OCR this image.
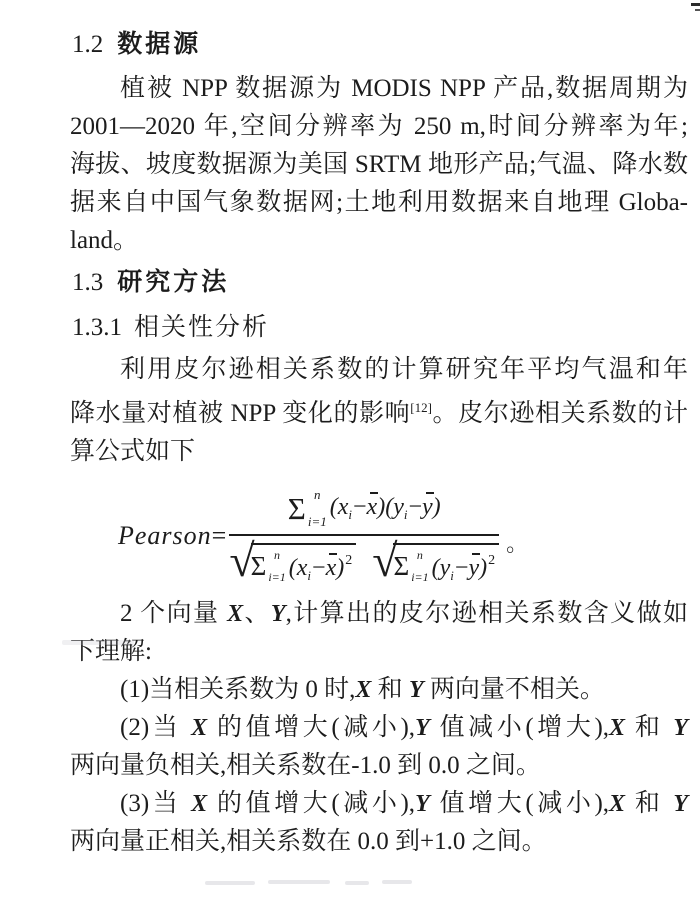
1.2 数据源
植被 NPP 数据源为 MODIS NPP 产品,数据周期为
2001—2020 年,空间分辨率为 250 m,时间分辨率为年;
海拔、坡度数据源为美国 SRTM 地形产品;气温、降水数
据来自中国气象数据网;土地利用数据来自地理 Globa-
land。
1.3 研究方法
1.3.1 相关性分析
利用皮尔逊相关系数的计算研究年平均气温和年
降水量对植被 NPP 变化的影响[12]。皮尔逊相关系数的计
算公式如下
Pearson=
Σ n
i=1
$(x_i-x)(y_i-y)$
√
Σ n
i=1 $(x_i-x)^2$ √
Σ n
i=1 $(y_i-y)^2$
。
2 个向量 X、Y,计算出的皮尔逊相关系数含义做如
下理解:
(1)当相关系数为 0 时,X 和 Y 两向量不相关。
(2)当 X 的值增大(减小),Y 值减小(增大),X 和 Y
两向量负相关,相关系数在-1.0 到 0.0 之间。
(3)当 X 的值增大(减小),Y 值增大(减小),X 和 Y
两向量正相关,相关系数在 0.0 到+1.0 之间。
